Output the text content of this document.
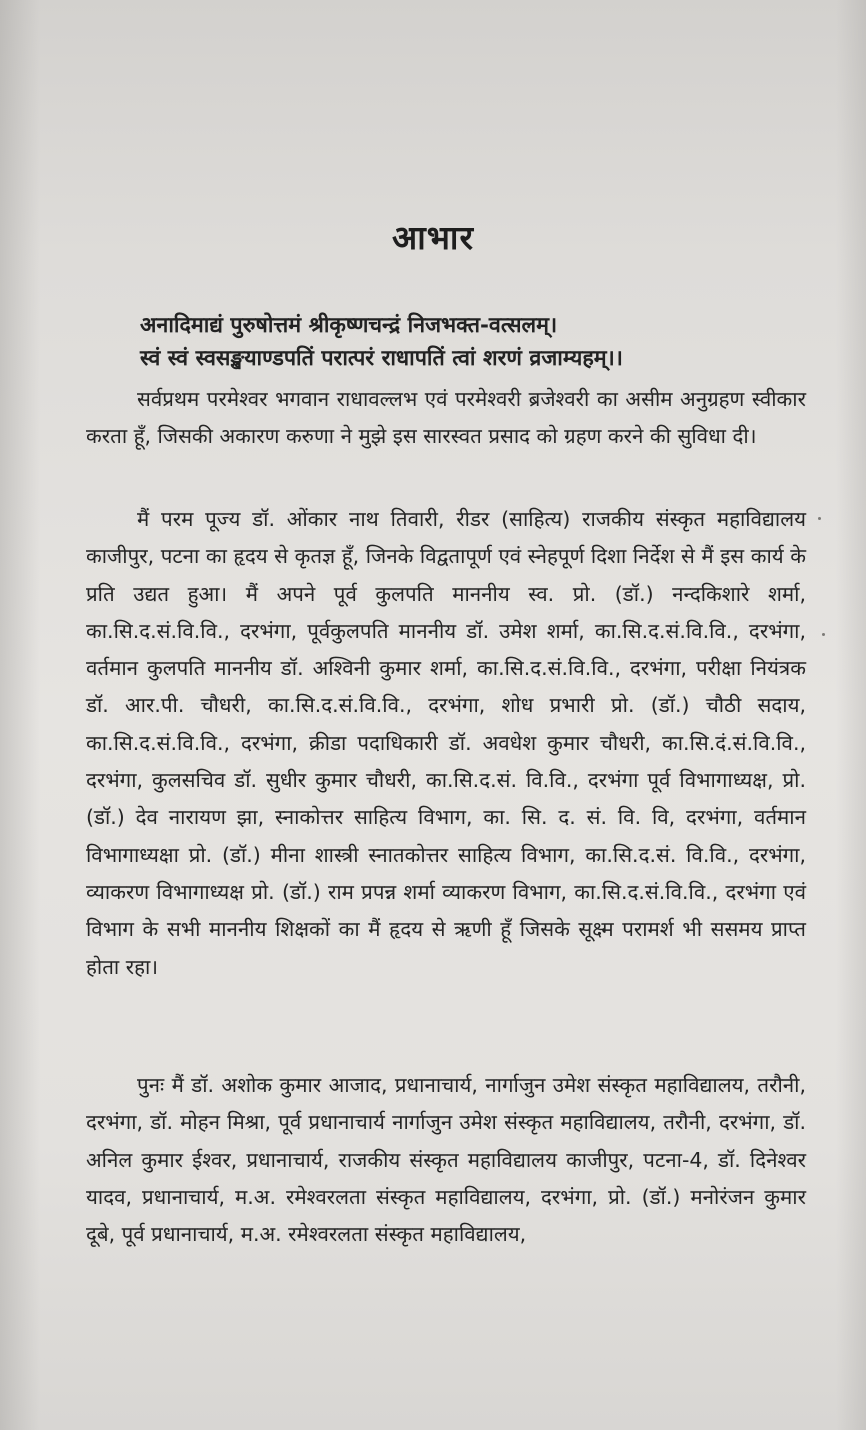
आभार
अनादिमाद्यं पुरुषोत्तमं श्रीकृष्णचन्द्रं निजभक्त-वत्सलम्।
स्वं स्वं स्वसङ्खयाण्डपतिं परात्परं राधापतिं त्वां शरणं व्रजाम्यहम्।।

सर्वप्रथम परमेश्वर भगवान राधावल्लभ एवं परमेश्वरी ब्रजेश्वरी का असीम अनुग्रहण स्वीकार करता हूँ, जिसकी अकारण करुणा ने मुझे इस सारस्वत प्रसाद को ग्रहण करने की सुविधा दी।

मैं परम पूज्य डॉ. ओंकार नाथ तिवारी, रीडर (साहित्य) राजकीय संस्कृत महाविद्यालय काजीपुर, पटना का हृदय से कृतज्ञ हूँ, जिनके विद्वतापूर्ण एवं स्नेहपूर्ण दिशा निर्देश से मैं इस कार्य के प्रति उद्यत हुआ। मैं अपने पूर्व कुलपति माननीय स्व. प्रो. (डॉ.) नन्दकिशारे शर्मा, का.सि.द.सं.वि.वि., दरभंगा, पूर्वकुलपति माननीय डॉ. उमेश शर्मा, का.सि.द.सं.वि.वि., दरभंगा, वर्तमान कुलपति माननीय डॉ. अश्विनी कुमार शर्मा, का.सि.द.सं.वि.वि., दरभंगा, परीक्षा नियंत्रक डॉ. आर.पी. चौधरी, का.सि.द.सं.वि.वि., दरभंगा, शोध प्रभारी प्रो. (डॉ.) चौठी सदाय, का.सि.द.सं.वि.वि., दरभंगा, क्रीडा पदाधिकारी डॉ. अवधेश कुमार चौधरी, का.सि.दं.सं.वि.वि., दरभंगा, कुलसचिव डॉ. सुधीर कुमार चौधरी, का.सि.द.सं. वि.वि., दरभंगा पूर्व विभागाध्यक्ष, प्रो. (डॉ.) देव नारायण झा, स्नाकोत्तर साहित्य विभाग, का. सि. द. सं. वि. वि, दरभंगा, वर्तमान विभागाध्यक्षा प्रो. (डॉ.) मीना शास्त्री स्नातकोत्तर साहित्य विभाग, का.सि.द.सं. वि.वि., दरभंगा, व्याकरण विभागाध्यक्ष प्रो. (डॉ.) राम प्रपन्न शर्मा व्याकरण विभाग, का.सि.द.सं.वि.वि., दरभंगा एवं विभाग के सभी माननीय शिक्षकों का मैं हृदय से ऋणी हूँ जिसके सूक्ष्म परामर्श भी ससमय प्राप्त होता रहा।

पुनः मैं डॉ. अशोक कुमार आजाद, प्रधानाचार्य, नार्गाजुन उमेश संस्कृत महाविद्यालय, तरौनी, दरभंगा, डॉ. मोहन मिश्रा, पूर्व प्रधानाचार्य नार्गाजुन उमेश संस्कृत महाविद्यालय, तरौनी, दरभंगा, डॉ. अनिल कुमार ईश्वर, प्रधानाचार्य, राजकीय संस्कृत महाविद्यालय काजीपुर, पटना-4, डॉ. दिनेश्वर यादव, प्रधानाचार्य, म.अ. रमेश्वरलता संस्कृत महाविद्यालय, दरभंगा, प्रो. (डॉ.) मनोरंजन कुमार दूबे, पूर्व प्रधानाचार्य, म.अ. रमेश्वरलता संस्कृत महाविद्यालय,
